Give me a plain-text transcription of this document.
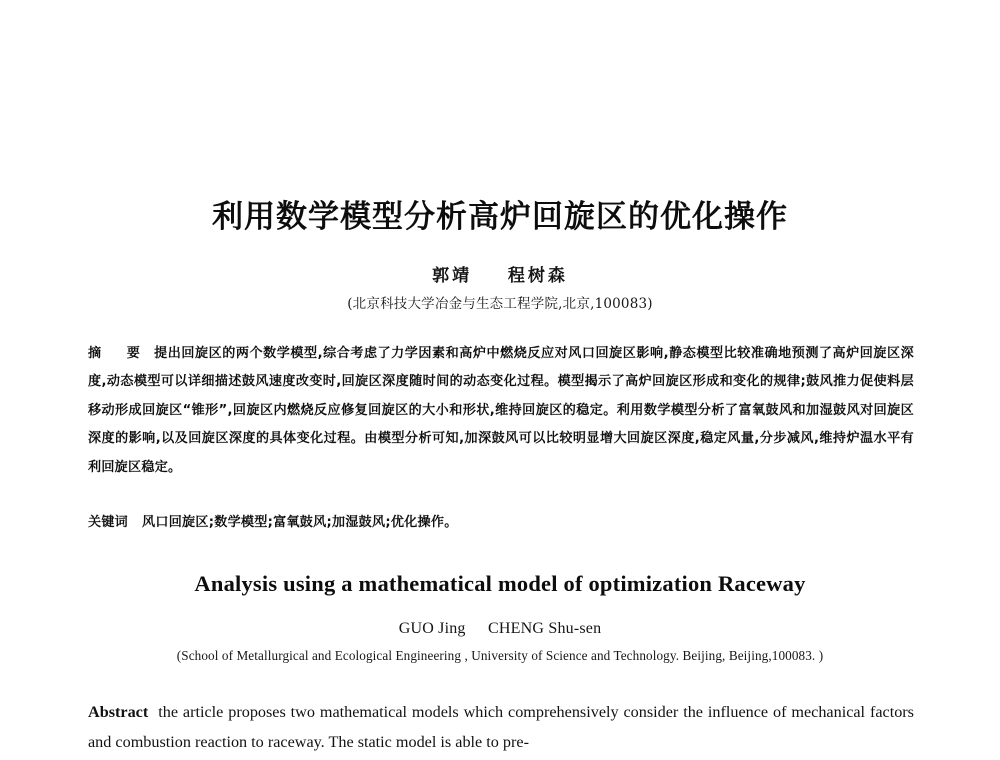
利用数学模型分析高炉回旋区的优化操作
郭靖 程树森
(北京科技大学冶金与生态工程学院,北京,100083)

摘　要 提出回旋区的两个数学模型,综合考虑了力学因素和高炉中燃烧反应对风口回旋区影响,静态模型比较准确地预测了高炉回旋区深度,动态模型可以详细描述鼓风速度改变时,回旋区深度随时间的动态变化过程。模型揭示了高炉回旋区形成和变化的规律;鼓风推力促使料层移动形成回旋区“锥形”,回旋区内燃烧反应修复回旋区的大小和形状,维持回旋区的稳定。利用数学模型分析了富氧鼓风和加湿鼓风对回旋区深度的影响,以及回旋区深度的具体变化过程。由模型分析可知,加深鼓风可以比较明显增大回旋区深度,稳定风量,分步减风,维持炉温水平有利回旋区稳定。

关键词 风口回旋区;数学模型;富氧鼓风;加湿鼓风;优化操作。
Analysis using a mathematical model of optimization Raceway
GUO Jing CHENG Shu-sen
(School of Metallurgical and Ecological Engineering , University of Science and Technology. Beijing, Beijing,100083. )

Abstract the article proposes two mathematical models which comprehensively consider the influence of mechanical factors and combustion reaction to raceway. The static model is able to pre-
